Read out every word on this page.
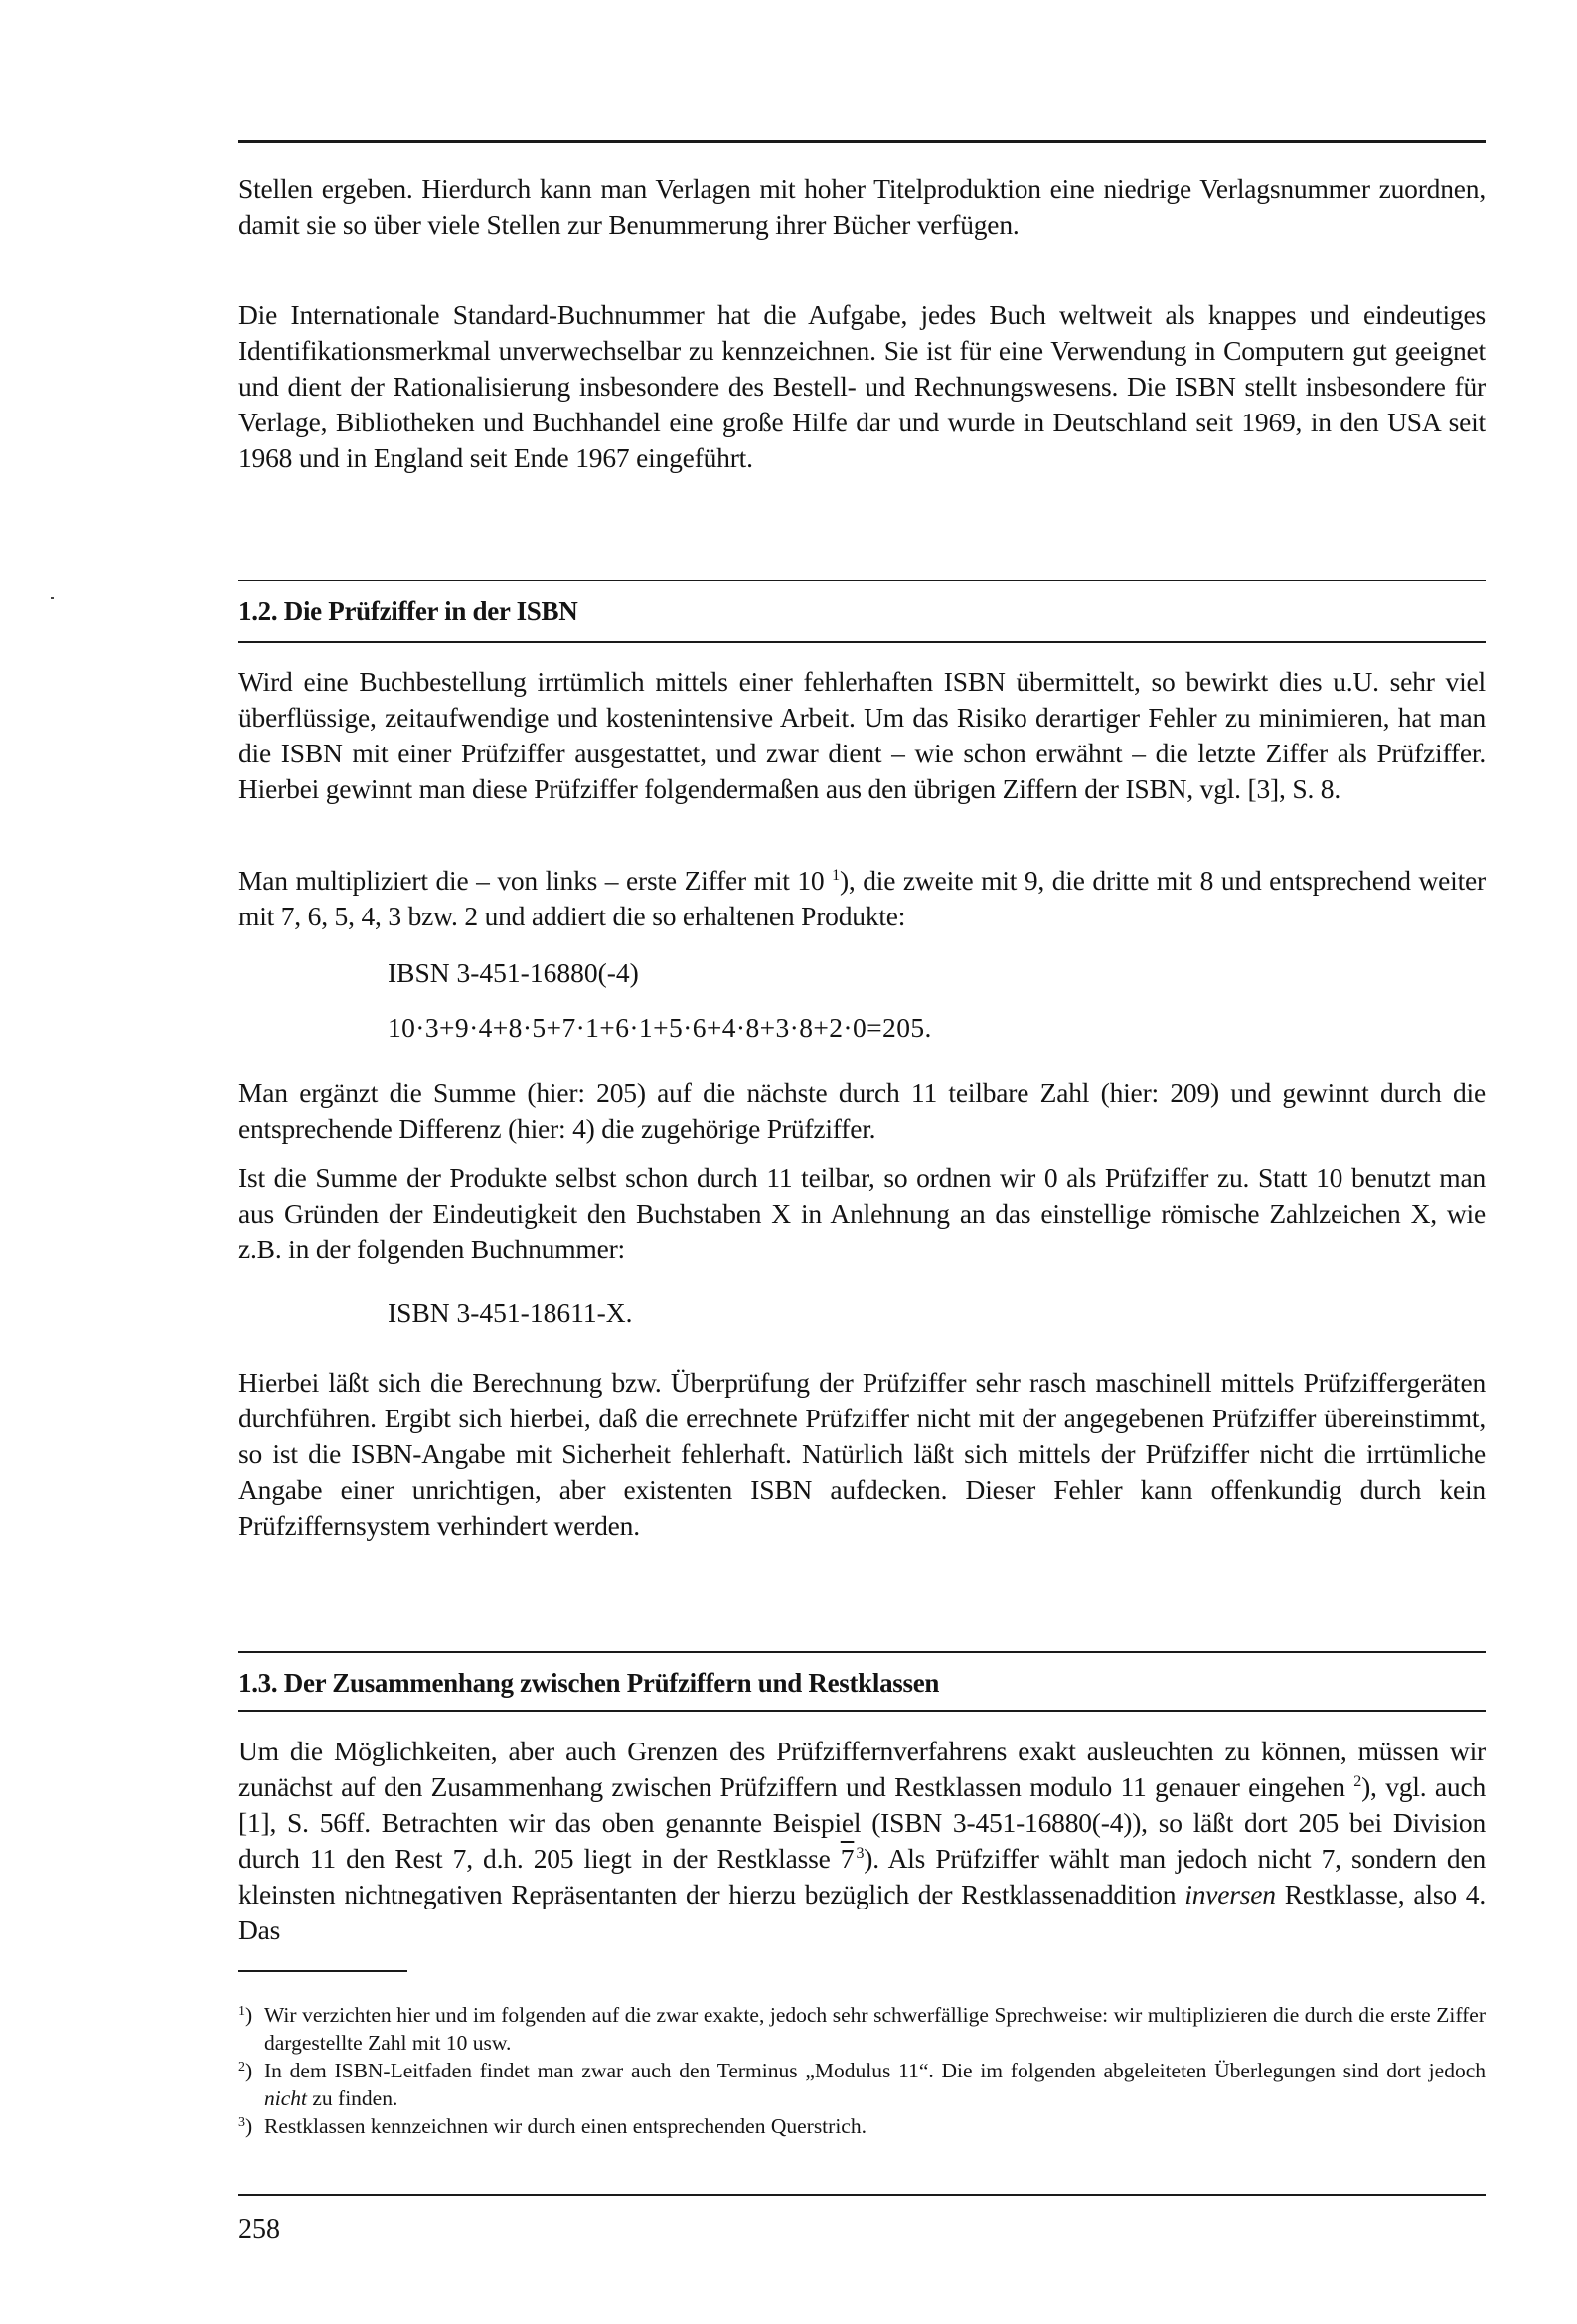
Stellen ergeben. Hierdurch kann man Verlagen mit hoher Titelproduktion eine niedrige Verlagsnummer zuordnen, damit sie so über viele Stellen zur Benummerung ihrer Bücher verfügen.

Die Internationale Standard-Buchnummer hat die Aufgabe, jedes Buch weltweit als knappes und eindeutiges Identifikationsmerkmal unverwechselbar zu kennzeichnen. Sie ist für eine Verwendung in Computern gut geeignet und dient der Rationalisierung insbesondere des Bestell- und Rechnungswesens. Die ISBN stellt insbesondere für Verlage, Bibliotheken und Buchhandel eine große Hilfe dar und wurde in Deutschland seit 1969, in den USA seit 1968 und in England seit Ende 1967 eingeführt.

1.2. Die Prüfziffer in der ISBN

Wird eine Buchbestellung irrtümlich mittels einer fehlerhaften ISBN übermittelt, so bewirkt dies u.U. sehr viel überflüssige, zeitaufwendige und kostenintensive Arbeit. Um das Risiko derartiger Fehler zu minimieren, hat man die ISBN mit einer Prüfziffer ausgestattet, und zwar dient – wie schon erwähnt – die letzte Ziffer als Prüfziffer. Hierbei gewinnt man diese Prüfziffer folgendermaßen aus den übrigen Ziffern der ISBN, vgl. [3], S. 8.

Man multipliziert die – von links – erste Ziffer mit 10 $^1$), die zweite mit 9, die dritte mit 8 und entsprechend weiter mit 7, 6, 5, 4, 3 bzw. 2 und addiert die so erhaltenen Produkte:

IBSN 3-451-16880(-4)
10·3+9·4+8·5+7·1+6·1+5·6+4·8+3·8+2·0=205.

Man ergänzt die Summe (hier: 205) auf die nächste durch 11 teilbare Zahl (hier: 209) und gewinnt durch die entsprechende Differenz (hier: 4) die zugehörige Prüfziffer.

Ist die Summe der Produkte selbst schon durch 11 teilbar, so ordnen wir 0 als Prüfziffer zu. Statt 10 benutzt man aus Gründen der Eindeutigkeit den Buchstaben X in Anlehnung an das einstellige römische Zahlzeichen X, wie z.B. in der folgenden Buchnummer:

ISBN 3-451-18611-X.

Hierbei läßt sich die Berechnung bzw. Überprüfung der Prüfziffer sehr rasch maschinell mittels Prüfziffergeräten durchführen. Ergibt sich hierbei, daß die errechnete Prüfziffer nicht mit der angegebenen Prüfziffer übereinstimmt, so ist die ISBN-Angabe mit Sicherheit fehlerhaft. Natürlich läßt sich mittels der Prüfziffer nicht die irrtümliche Angabe einer unrichtigen, aber existenten ISBN aufdecken. Dieser Fehler kann offenkundig durch kein Prüfziffernsystem verhindert werden.

1.3. Der Zusammenhang zwischen Prüfziffern und Restklassen

Um die Möglichkeiten, aber auch Grenzen des Prüfziffernverfahrens exakt ausleuchten zu können, müssen wir zunächst auf den Zusammenhang zwischen Prüfziffern und Restklassen modulo 11 genauer eingehen $^2$), vgl. auch [1], S. 56ff. Betrachten wir das oben genannte Beispiel (ISBN 3-451-16880(-4)), so läßt dort 205 bei Division durch 11 den Rest 7, d.h. 205 liegt in der Restklasse 7  $^3$). Als Prüfziffer wählt man jedoch nicht 7, sondern den kleinsten nichtnegativen Repräsentanten der hierzu bezüglich der Restklassenaddition inversen Restklasse, also 4. Das

$^1$) Wir verzichten hier und im folgenden auf die zwar exakte, jedoch sehr schwerfällige Sprechweise: wir multiplizieren die durch die erste Ziffer dargestellte Zahl mit 10 usw.
$^2$) In dem ISBN-Leitfaden findet man zwar auch den Terminus „Modulus 11“. Die im folgenden abgeleiteten Überlegungen sind dort jedoch nicht zu finden.
$^3$) Restklassen kennzeichnen wir durch einen entsprechenden Querstrich.
258
